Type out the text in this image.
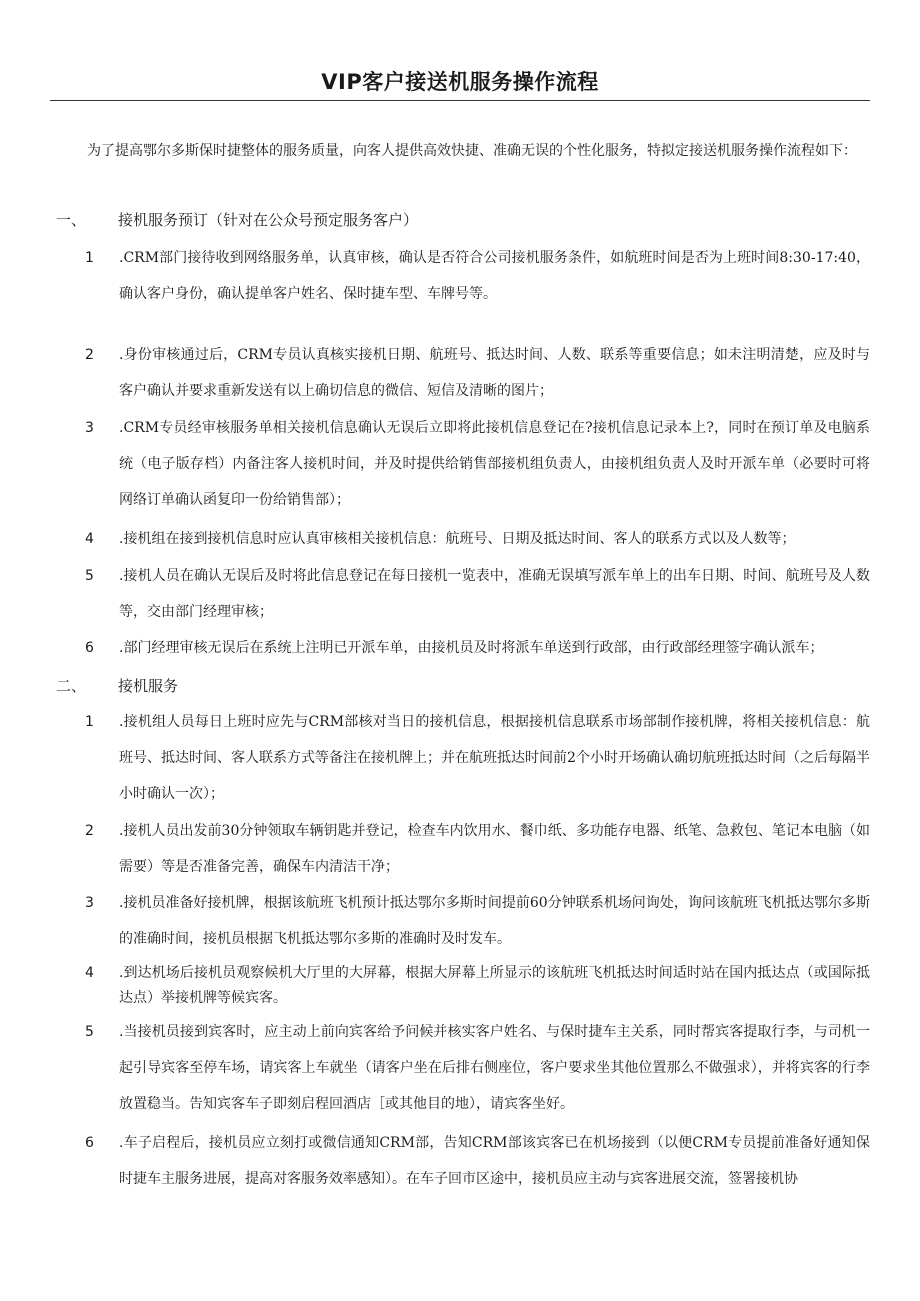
VIP客户接送机服务操作流程

为了提高鄂尔多斯保时捷整体的服务质量，向客人提供高效快捷、准确无误的个性化服务，特拟定接送机服务操作流程如下：

一、 接机服务预订（针对在公众号预定服务客户）
1	.CRM部门接待收到网络服务单，认真审核，确认是否符合公司接机服务条件，如航班时间是否为上班时间8:30-17:40，确认客户身份，确认提单客户姓名、保时捷车型、车牌号等。
2	.身份审核通过后，CRM专员认真核实接机日期、航班号、抵达时间、人数、联系等重要信息；如未注明清楚，应及时与客户确认并要求重新发送有以上确切信息的微信、短信及清晰的图片；
3	.CRM专员经审核服务单相关接机信息确认无误后立即将此接机信息登记在?接机信息记录本上?，同时在预订单及电脑系统（电子版存档）内备注客人接机时间，并及时提供给销售部接机组负责人，由接机组负责人及时开派车单（必要时可将网络订单确认函复印一份给销售部）；
4	.接机组在接到接机信息时应认真审核相关接机信息：航班号、日期及抵达时间、客人的联系方式以及人数等；
5	.接机人员在确认无误后及时将此信息登记在每日接机一览表中，准确无误填写派车单上的出车日期、时间、航班号及人数等，交由部门经理审核；
6	.部门经理审核无误后在系统上注明已开派车单，由接机员及时将派车单送到行政部，由行政部经理签字确认派车；
二、 接机服务
1	.接机组人员每日上班时应先与CRM部核对当日的接机信息，根据接机信息联系市场部制作接机牌，将相关接机信息：航班号、抵达时间、客人联系方式等备注在接机牌上；并在航班抵达时间前2个小时开场确认确切航班抵达时间（之后每隔半小时确认一次）；
2	.接机人员出发前30分钟领取车辆钥匙并登记，检查车内饮用水、餐巾纸、多功能存电器、纸笔、急救包、笔记本电脑（如需要）等是否准备完善，确保车内清洁干净；
3	.接机员准备好接机牌，根据该航班飞机预计抵达鄂尔多斯时间提前60分钟联系机场问询处，询问该航班飞机抵达鄂尔多斯的准确时间，接机员根据飞机抵达鄂尔多斯的准确时及时发车。
4	.到达机场后接机员观察候机大厅里的大屏幕，根据大屏幕上所显示的该航班飞机抵达时间适时站在国内抵达点（或国际抵达点）举接机牌等候宾客。
5	.当接机员接到宾客时，应主动上前向宾客给予问候并核实客户姓名、与保时捷车主关系，同时帮宾客提取行李，与司机一起引导宾客至停车场，请宾客上车就坐（请客户坐在后排右侧座位，客户要求坐其他位置那么不做强求），并将宾客的行李放置稳当。告知宾客车子即刻启程回酒店［或其他目的地），请宾客坐好。
6	.车子启程后，接机员应立刻打或微信通知CRM部，告知CRM部该宾客已在机场接到（以便CRM专员提前准备好通知保时捷车主服务进展，提高对客服务效率感知）。在车子回市区途中，接机员应主动与宾客进展交流，签署接机协
